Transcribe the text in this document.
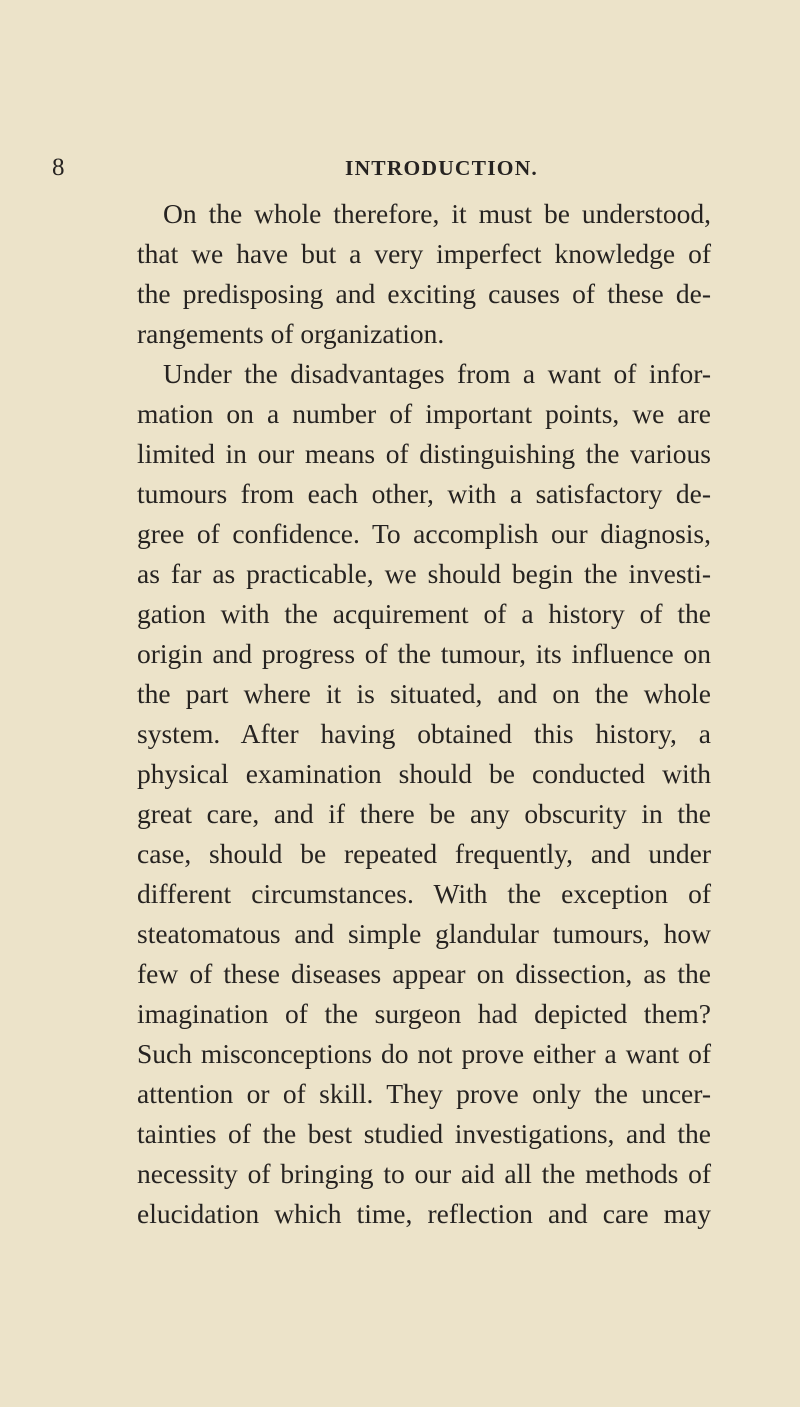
8	INTRODUCTION.
On the whole therefore, it must be understood,
that we have but a very imperfect knowledge of
the predisposing and exciting causes of these de-
rangements of organization.
Under the disadvantages from a want of infor-
mation on a number of important points, we are
limited in our means of distinguishing the various
tumours from each other, with a satisfactory de-
gree of confidence. To accomplish our diagnosis,
as far as practicable, we should begin the investi-
gation with the acquirement of a history of the
origin and progress of the tumour, its influence on
the part where it is situated, and on the whole
system. After having obtained this history, a
physical examination should be conducted with
great care, and if there be any obscurity in the
case, should be repeated frequently, and under
different circumstances. With the exception of
steatomatous and simple glandular tumours, how
few of these diseases appear on dissection, as the
imagination of the surgeon had depicted them?
Such misconceptions do not prove either a want of
attention or of skill. They prove only the uncer-
tainties of the best studied investigations, and the
necessity of bringing to our aid all the methods of
elucidation which time, reflection and care may
